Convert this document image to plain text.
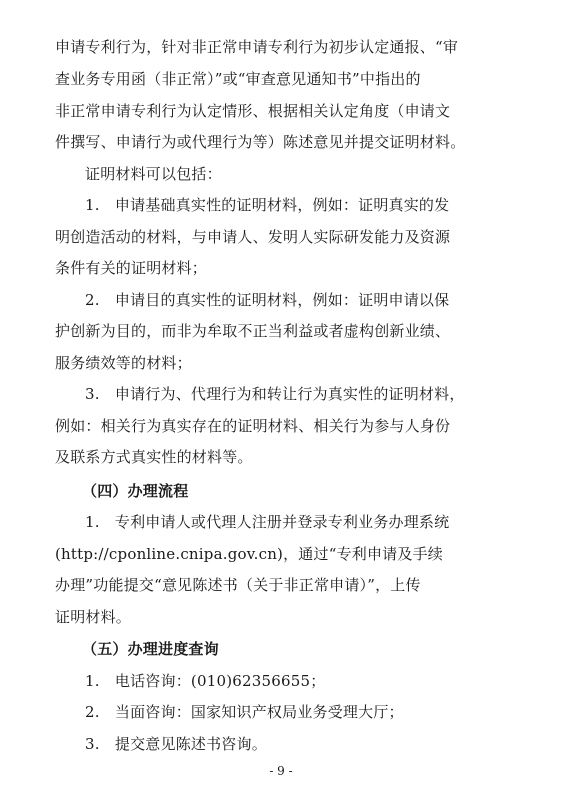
申请专利行为，针对非正常申请专利行为初步认定通报、“审
查业务专用函（非正常）”或“审查意见通知书”中指出的
非正常申请专利行为认定情形、根据相关认定角度（申请文
件撰写、申请行为或代理行为等）陈述意见并提交证明材料。
证明材料可以包括：
1.　申请基础真实性的证明材料，例如：证明真实的发
明创造活动的材料，与申请人、发明人实际研发能力及资源
条件有关的证明材料；
2.　申请目的真实性的证明材料，例如：证明申请以保
护创新为目的，而非为牟取不正当利益或者虚构创新业绩、
服务绩效等的材料；
3.　申请行为、代理行为和转让行为真实性的证明材料，
例如：相关行为真实存在的证明材料、相关行为参与人身份
及联系方式真实性的材料等。
（四）办理流程
1.　专利申请人或代理人注册并登录专利业务办理系统
(http://cponline.cnipa.gov.cn)，通过“专利申请及手续
办理”功能提交“意见陈述书（关于非正常申请）”，上传
证明材料。
（五）办理进度查询
1.　电话咨询：(010)62356655；
2.　当面咨询：国家知识产权局业务受理大厅；
3.　提交意见陈述书咨询。
- 9 -
